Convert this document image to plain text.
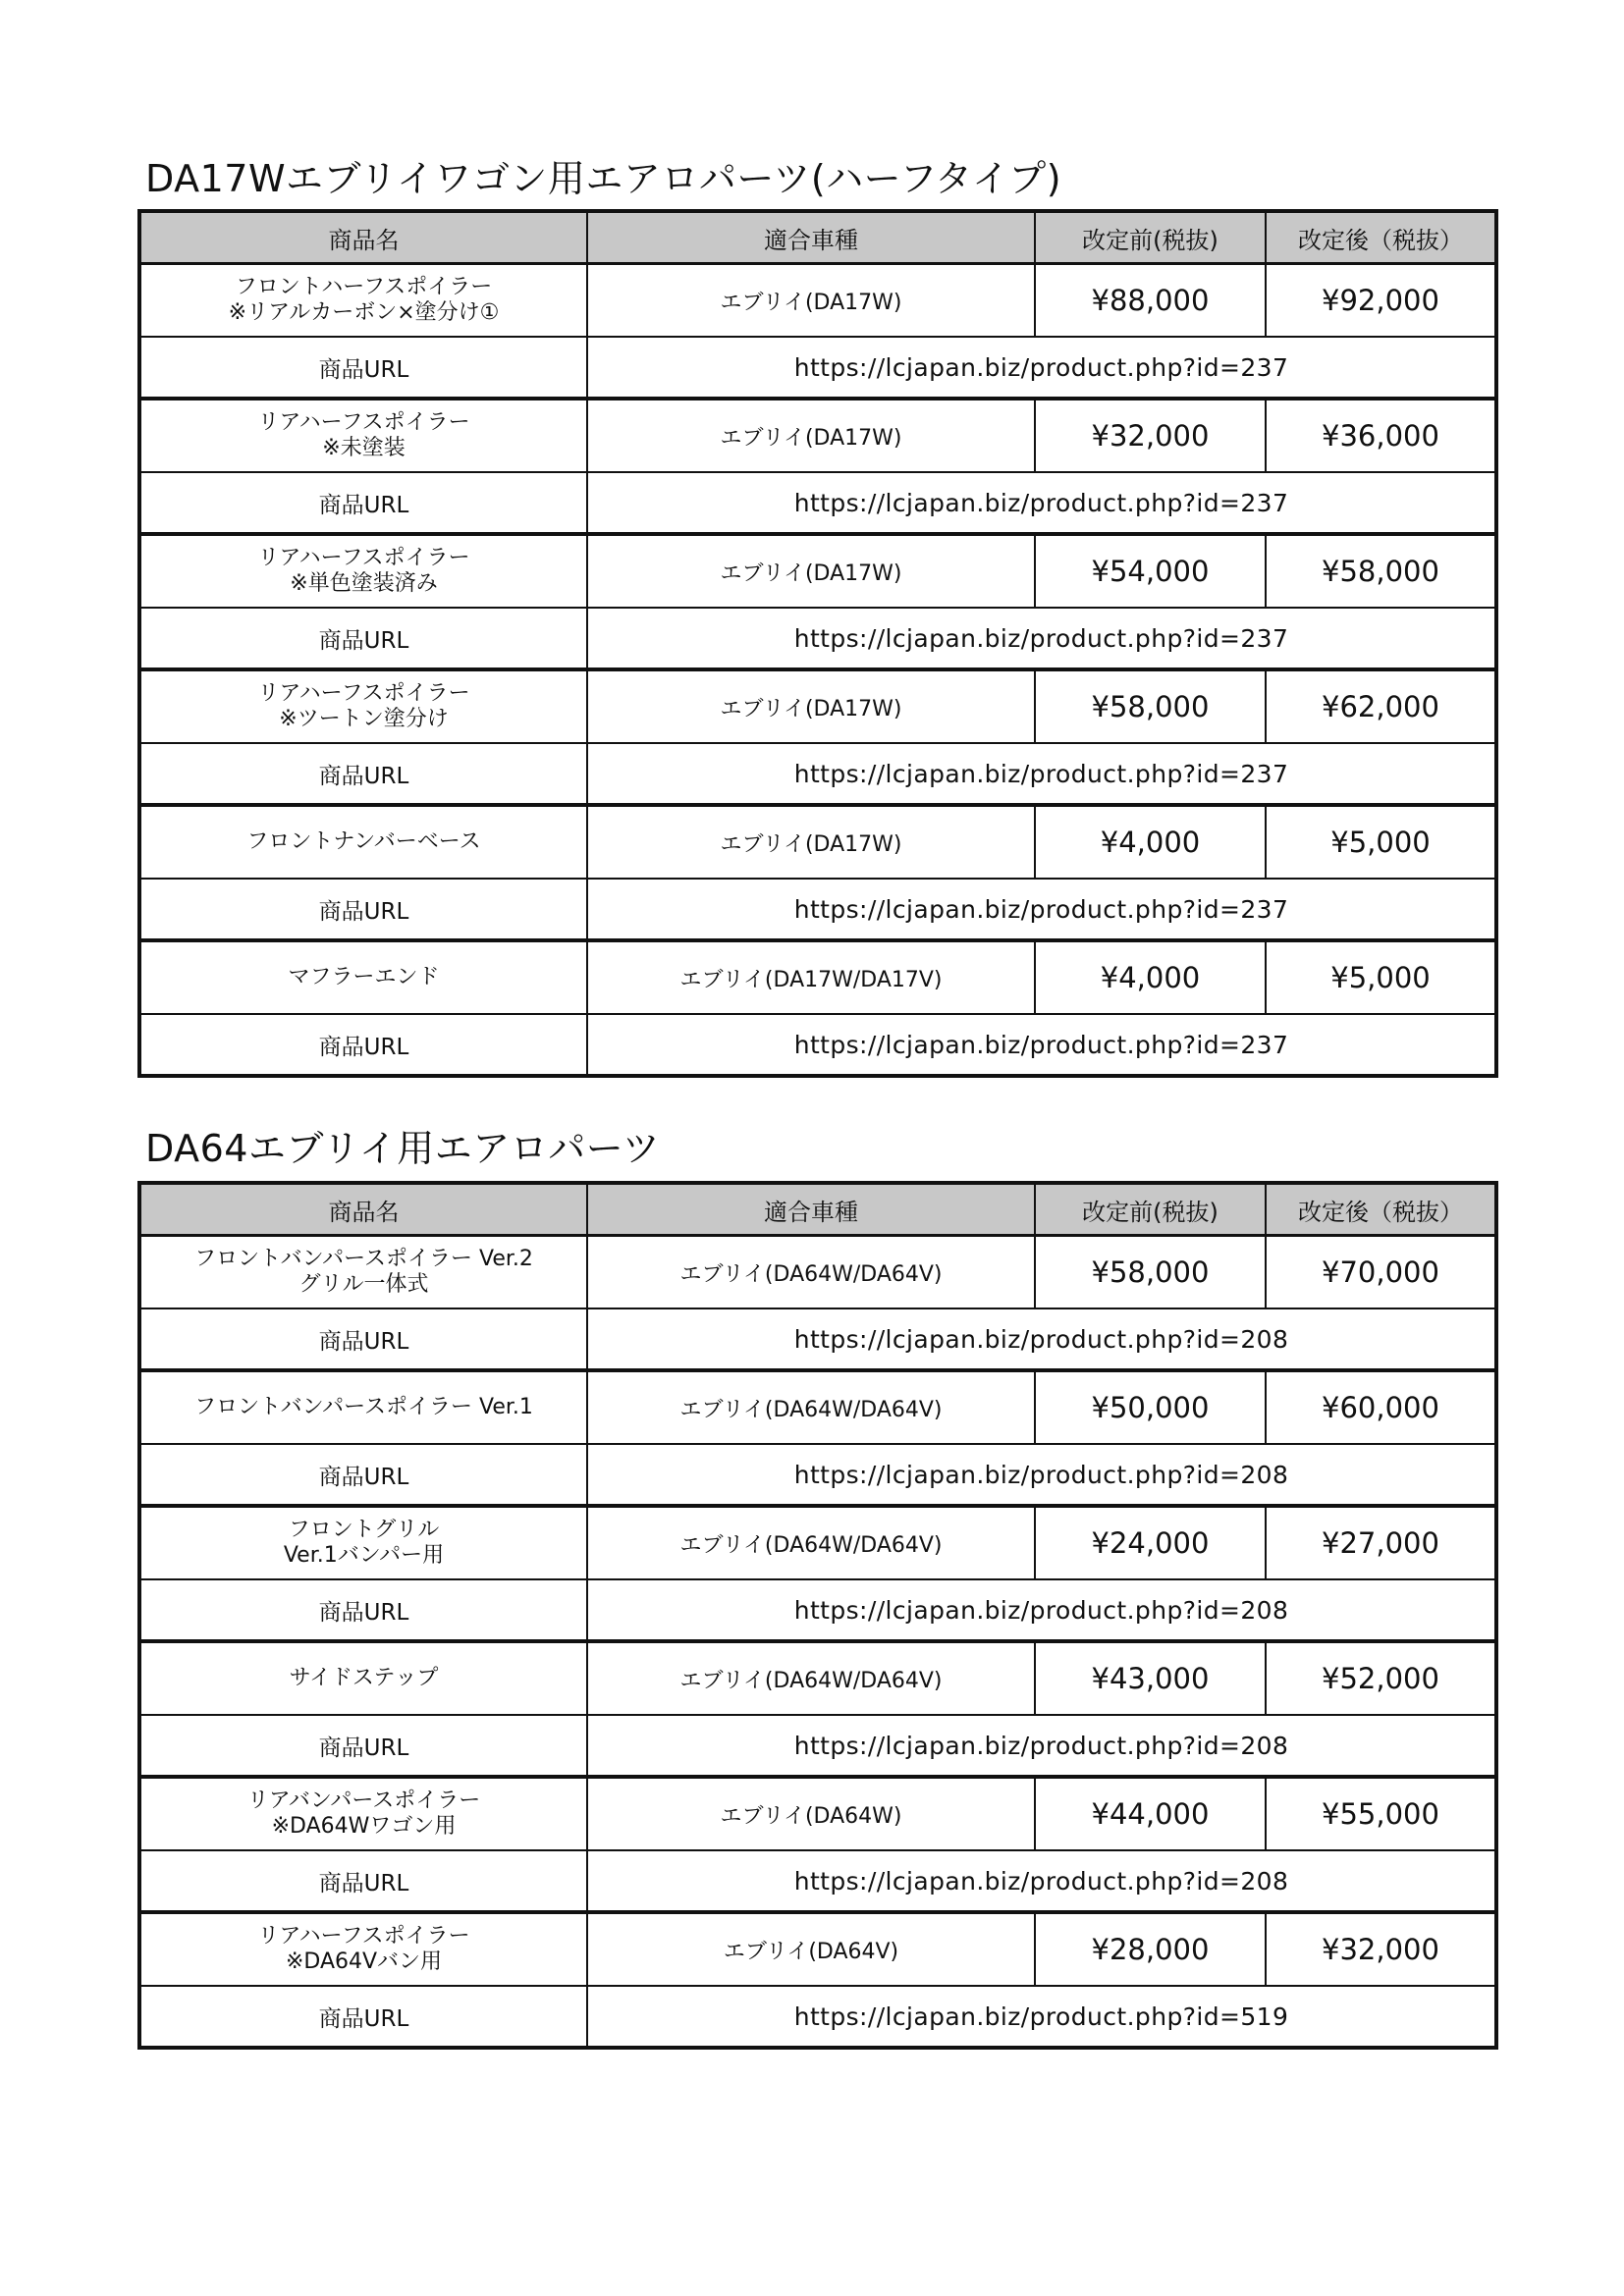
DA17Wエブリイワゴン用エアロパーツ(ハーフタイプ)
商品名	適合車種	改定前(税抜)	改定後（税抜）

フロントハーフスポイラー
※リアルカーボン×塗分け①	エブリイ(DA17W)	¥88,000	¥92,000
商品URL	https://lcjapan.biz/product.php?id=237		

リアハーフスポイラー
※未塗装	エブリイ(DA17W)	¥32,000	¥36,000
商品URL	https://lcjapan.biz/product.php?id=237		

リアハーフスポイラー
※単色塗装済み	エブリイ(DA17W)	¥54,000	¥58,000
商品URL	https://lcjapan.biz/product.php?id=237		

リアハーフスポイラー
※ツートン塗分け	エブリイ(DA17W)	¥58,000	¥62,000
商品URL	https://lcjapan.biz/product.php?id=237		

フロントナンバーベース	エブリイ(DA17W)	¥4,000	¥5,000
商品URL	https://lcjapan.biz/product.php?id=237		

マフラーエンド	エブリイ(DA17W/DA17V)	¥4,000	¥5,000
商品URL	https://lcjapan.biz/product.php?id=237		
DA64エブリイ用エアロパーツ
商品名	適合車種	改定前(税抜)	改定後（税抜）

フロントバンパースポイラー Ver.2
グリル一体式	エブリイ(DA64W/DA64V)	¥58,000	¥70,000
商品URL	https://lcjapan.biz/product.php?id=208		

フロントバンパースポイラー Ver.1	エブリイ(DA64W/DA64V)	¥50,000	¥60,000
商品URL	https://lcjapan.biz/product.php?id=208		

フロントグリル
Ver.1バンパー用	エブリイ(DA64W/DA64V)	¥24,000	¥27,000
商品URL	https://lcjapan.biz/product.php?id=208		

サイドステップ	エブリイ(DA64W/DA64V)	¥43,000	¥52,000
商品URL	https://lcjapan.biz/product.php?id=208		

リアバンパースポイラー
※DA64Wワゴン用	エブリイ(DA64W)	¥44,000	¥55,000
商品URL	https://lcjapan.biz/product.php?id=208		

リアハーフスポイラー
※DA64Vバン用	エブリイ(DA64V)	¥28,000	¥32,000
商品URL	https://lcjapan.biz/product.php?id=519		
